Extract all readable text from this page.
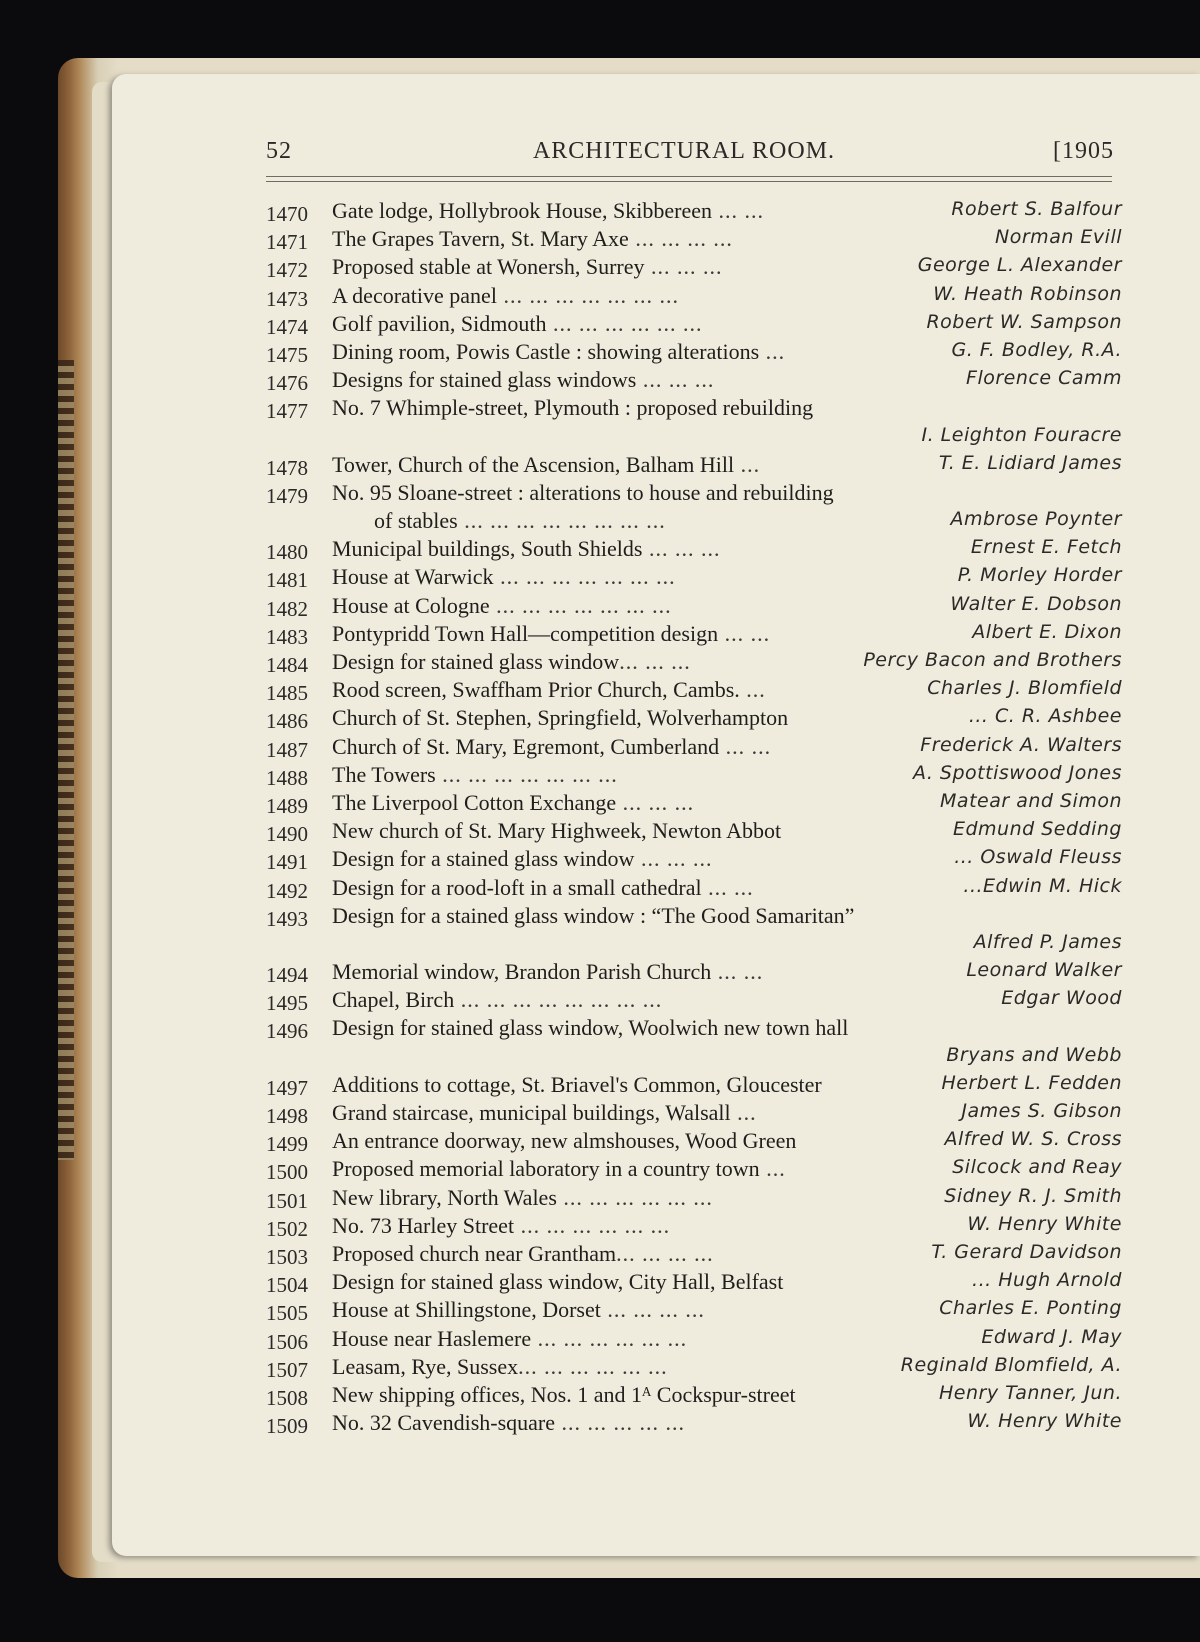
52	ARCHITECTURAL ROOM.	[1905
1470	Gate lodge, Hollybrook House, Skibbereen ... ...	Robert S. Balfour
1471	The Grapes Tavern, St. Mary Axe ... ... ... ...	Norman Evill
1472	Proposed stable at Wonersh, Surrey ... ... ...	George L. Alexander
1473	A decorative panel ... ... ... ... ... ... ...	W. Heath Robinson
1474	Golf pavilion, Sidmouth ... ... ... ... ... ...	Robert W. Sampson
1475	Dining room, Powis Castle : showing alterations ...	G. F. Bodley, R.A.
1476	Designs for stained glass windows ... ... ...	Florence Camm
1477	No. 7 Whimple-street, Plymouth : proposed rebuilding
I. Leighton Fouracre
1478	Tower, Church of the Ascension, Balham Hill ...	T. E. Lidiard James
1479	No. 95 Sloane-street : alterations to house and rebuilding
of stables ... ... ... ... ... ... ... ...	Ambrose Poynter
1480	Municipal buildings, South Shields ... ... ...	Ernest E. Fetch
1481	House at Warwick ... ... ... ... ... ... ...	P. Morley Horder
1482	House at Cologne ... ... ... ... ... ... ...	Walter E. Dobson
1483	Pontypridd Town Hall—competition design ... ...	Albert E. Dixon
1484	Design for stained glass window... ... ...	Percy Bacon and Brothers
1485	Rood screen, Swaffham Prior Church, Cambs. ...	Charles J. Blomfield
1486	Church of St. Stephen, Springfield, Wolverhampton	... C. R. Ashbee
1487	Church of St. Mary, Egremont, Cumberland ... ...	Frederick A. Walters
1488	The Towers ... ... ... ... ... ... ...	A. Spottiswood Jones
1489	The Liverpool Cotton Exchange ... ... ...	Matear and Simon
1490	New church of St. Mary Highweek, Newton Abbot	Edmund Sedding
1491	Design for a stained glass window ... ... ...	... Oswald Fleuss
1492	Design for a rood-loft in a small cathedral ... ...	...Edwin M. Hick
1493	Design for a stained glass window : “The Good Samaritan”
Alfred P. James
1494	Memorial window, Brandon Parish Church ... ...	Leonard Walker
1495	Chapel, Birch ... ... ... ... ... ... ... ...	Edgar Wood
1496	Design for stained glass window, Woolwich new town hall
Bryans and Webb
1497	Additions to cottage, St. Briavel's Common, Gloucester	Herbert L. Fedden
1498	Grand staircase, municipal buildings, Walsall ...	James S. Gibson
1499	An entrance doorway, new almshouses, Wood Green	Alfred W. S. Cross
1500	Proposed memorial laboratory in a country town ...	Silcock and Reay
1501	New library, North Wales ... ... ... ... ... ...	Sidney R. J. Smith
1502	No. 73 Harley Street ... ... ... ... ... ...	W. Henry White
1503	Proposed church near Grantham... ... ... ...	T. Gerard Davidson
1504	Design for stained glass window, City Hall, Belfast	... Hugh Arnold
1505	House at Shillingstone, Dorset ... ... ... ...	Charles E. Ponting
1506	House near Haslemere ... ... ... ... ... ...	Edward J. May
1507	Leasam, Rye, Sussex... ... ... ... ... ...	Reginald Blomfield, A.
1508	New shipping offices, Nos. 1 and 1ᴬ Cockspur-street	Henry Tanner, Jun.
1509	No. 32 Cavendish-square ... ... ... ... ...	W. Henry White
